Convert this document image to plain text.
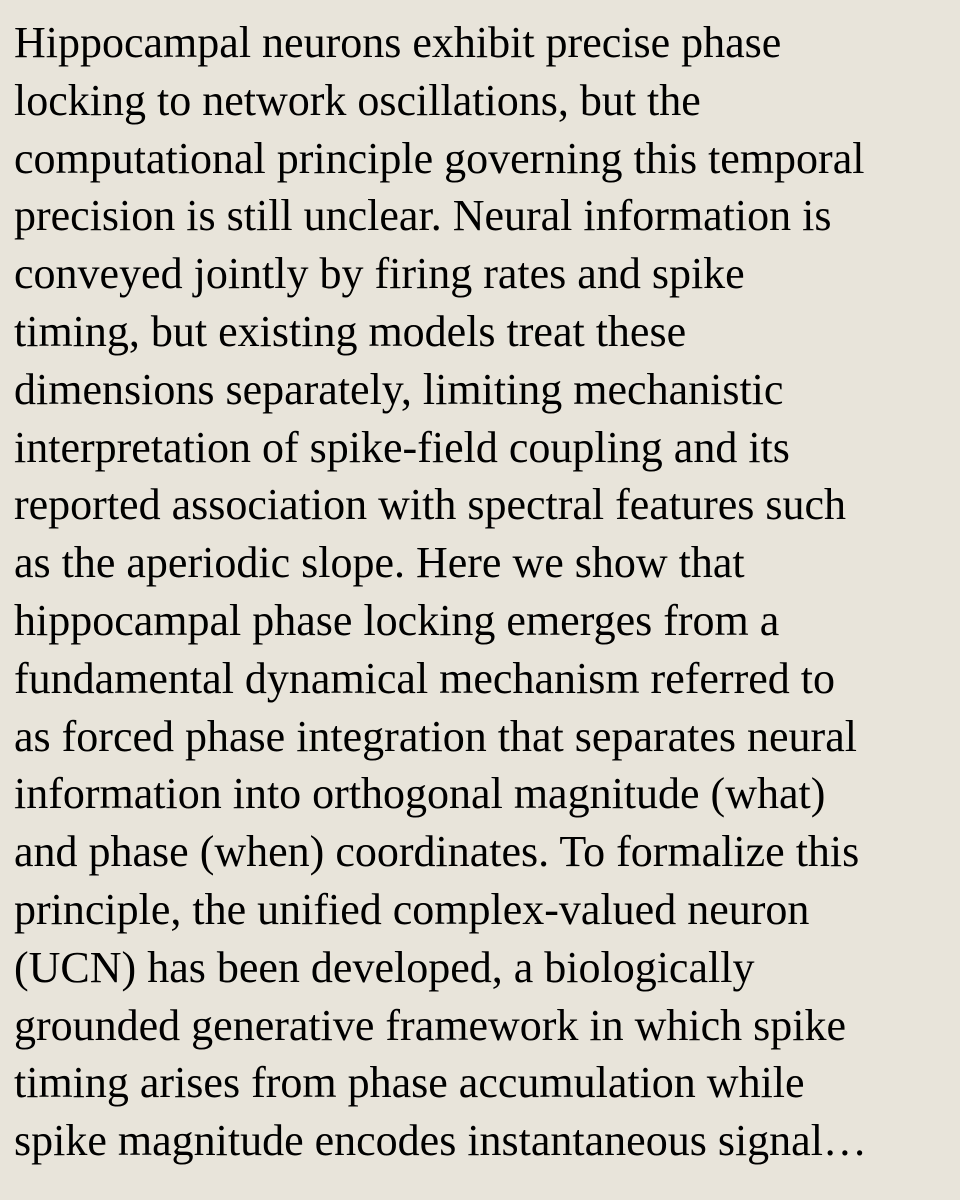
Hippocampal neurons exhibit precise phase
locking to network oscillations, but the
computational principle governing this temporal
precision is still unclear. Neural information is
conveyed jointly by firing rates and spike
timing, but existing models treat these
dimensions separately, limiting mechanistic
interpretation of spike-field coupling and its
reported association with spectral features such
as the aperiodic slope. Here we show that
hippocampal phase locking emerges from a
fundamental dynamical mechanism referred to
as forced phase integration that separates neural
information into orthogonal magnitude (what)
and phase (when) coordinates. To formalize this
principle, the unified complex-valued neuron
(UCN) has been developed, a biologically
grounded generative framework in which spike
timing arises from phase accumulation while
spike magnitude encodes instantaneous signal…
